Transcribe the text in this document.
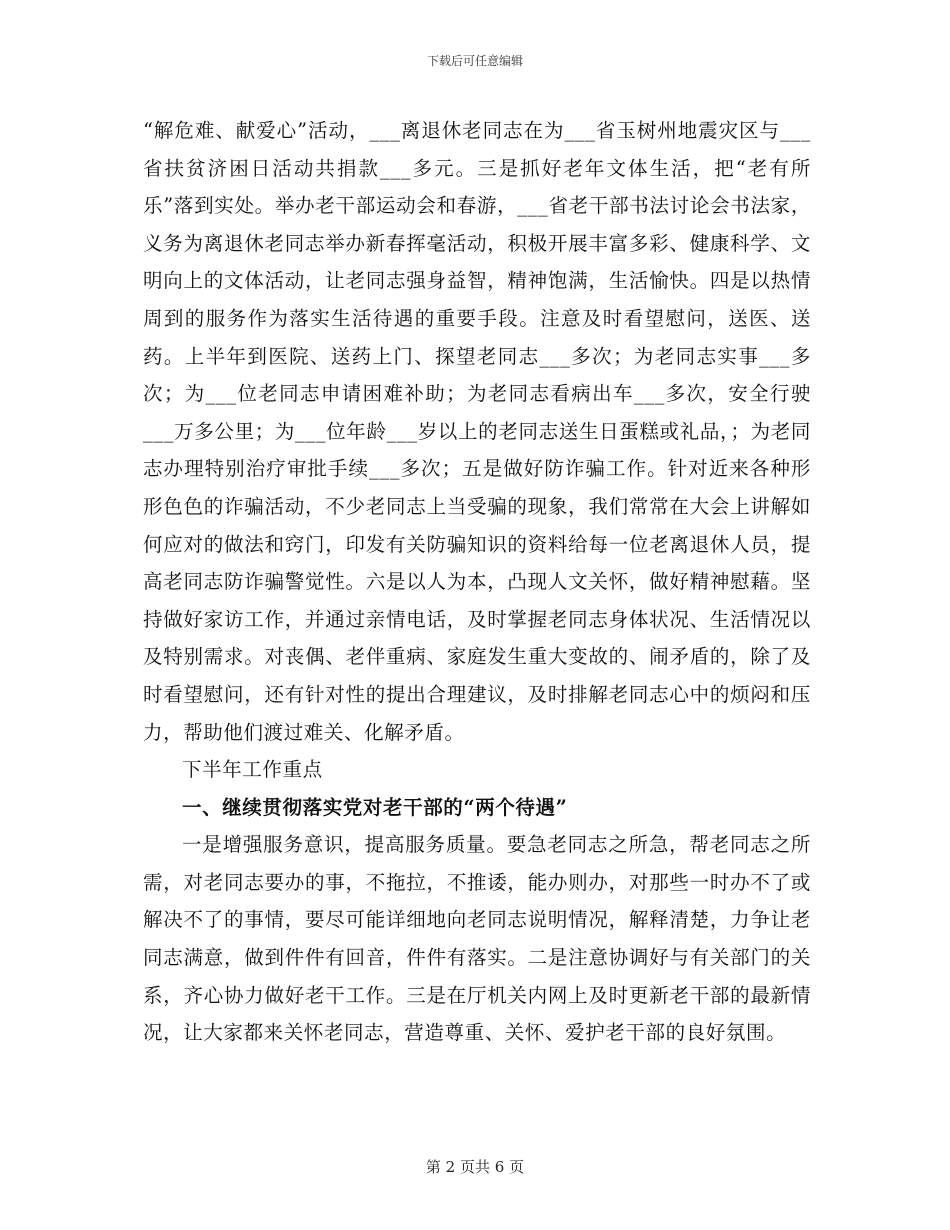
下载后可任意编辑

“解危难、献爱心”活动，___离退休老同志在为___省玉树州地震灾区与___省扶贫济困日活动共捐款___多元。三是抓好老年文体生活，把“老有所乐”落到实处。举办老干部运动会和春游，___省老干部书法讨论会书法家，义务为离退休老同志举办新春挥毫活动，积极开展丰富多彩、健康科学、文明向上的文体活动，让老同志强身益智，精神饱满，生活愉快。四是以热情周到的服务作为落实生活待遇的重要手段。注意及时看望慰问，送医、送药。上半年到医院、送药上门、探望老同志___多次；为老同志实事___多次；为___位老同志申请困难补助；为老同志看病出车___多次，安全行驶___万多公里；为___位年龄___岁以上的老同志送生日蛋糕或礼品，；为老同志办理特别治疗审批手续___多次；五是做好防诈骗工作。针对近来各种形形色色的诈骗活动，不少老同志上当受骗的现象，我们常常在大会上讲解如何应对的做法和窍门，印发有关防骗知识的资料给每一位老离退休人员，提高老同志防诈骗警觉性。六是以人为本，凸现人文关怀，做好精神慰藉。坚持做好家访工作，并通过亲情电话，及时掌握老同志身体状况、生活情况以及特别需求。对丧偶、老伴重病、家庭发生重大变故的、闹矛盾的，除了及时看望慰问，还有针对性的提出合理建议，及时排解老同志心中的烦闷和压力，帮助他们渡过难关、化解矛盾。

下半年工作重点

一、继续贯彻落实党对老干部的“两个待遇”

一是增强服务意识，提高服务质量。要急老同志之所急，帮老同志之所需，对老同志要办的事，不拖拉，不推诿，能办则办，对那些一时办不了或解决不了的事情，要尽可能详细地向老同志说明情况，解释清楚，力争让老同志满意，做到件件有回音，件件有落实。二是注意协调好与有关部门的关系，齐心协力做好老干工作。三是在厅机关内网上及时更新老干部的最新情况，让大家都来关怀老同志，营造尊重、关怀、爱护老干部的良好氛围。

第 2 页共 6 页
